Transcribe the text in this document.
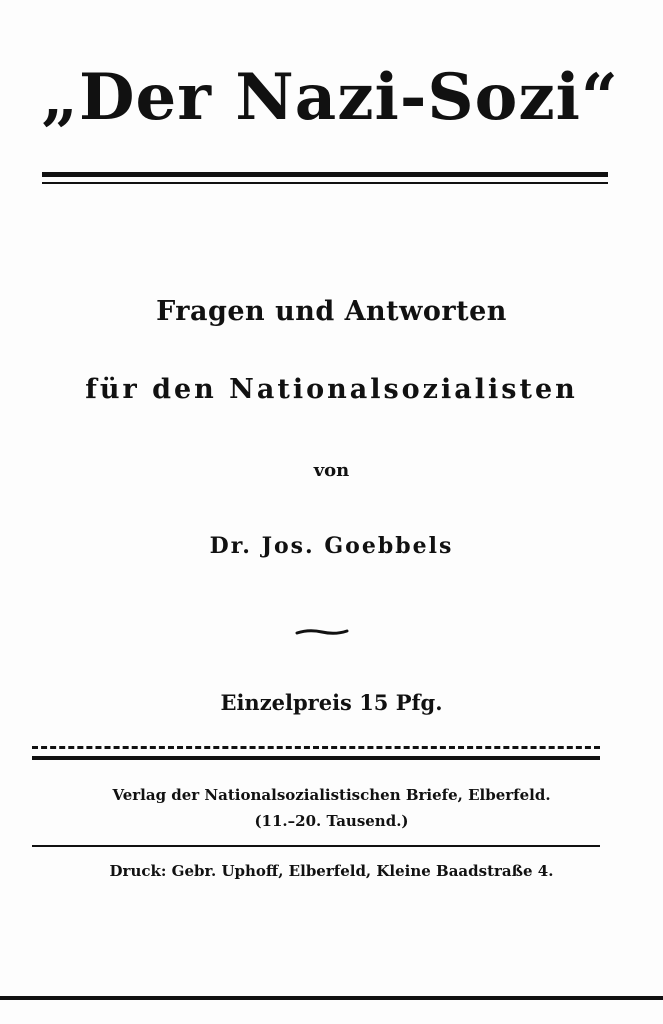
„Der Nazi-Sozi“
Fragen und Antworten
für den Nationalsozialisten
von
Dr. Jos. Goebbels
Einzelpreis 15 Pfg.
Verlag der Nationalsozialistischen Briefe, Elberfeld.
(11.–20. Tausend.)
Druck: Gebr. Uphoff, Elberfeld, Kleine Baadstraße 4.
